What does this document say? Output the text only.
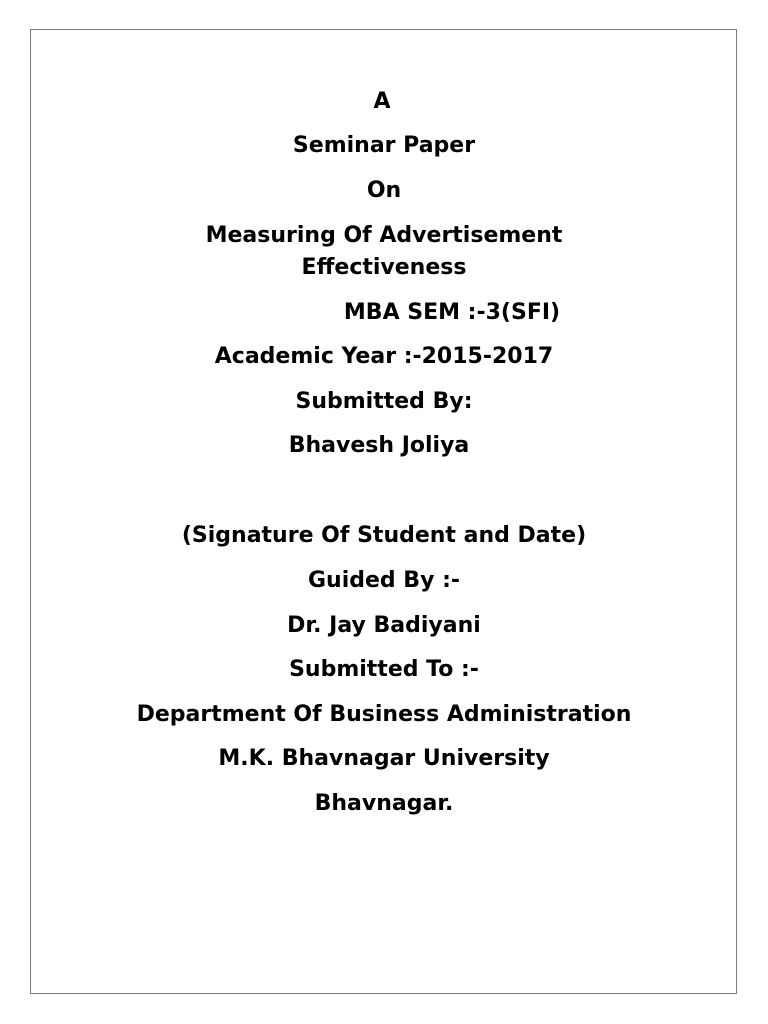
A
Seminar Paper
On
Measuring Of Advertisement
Effectiveness
MBA SEM :-3(SFI)
Academic Year :-2015-2017
Submitted By:
Bhavesh Joliya
(Signature Of Student and Date)
Guided By :-
Dr. Jay Badiyani
Submitted To :-
Department Of Business Administration
M.K. Bhavnagar University
Bhavnagar.
